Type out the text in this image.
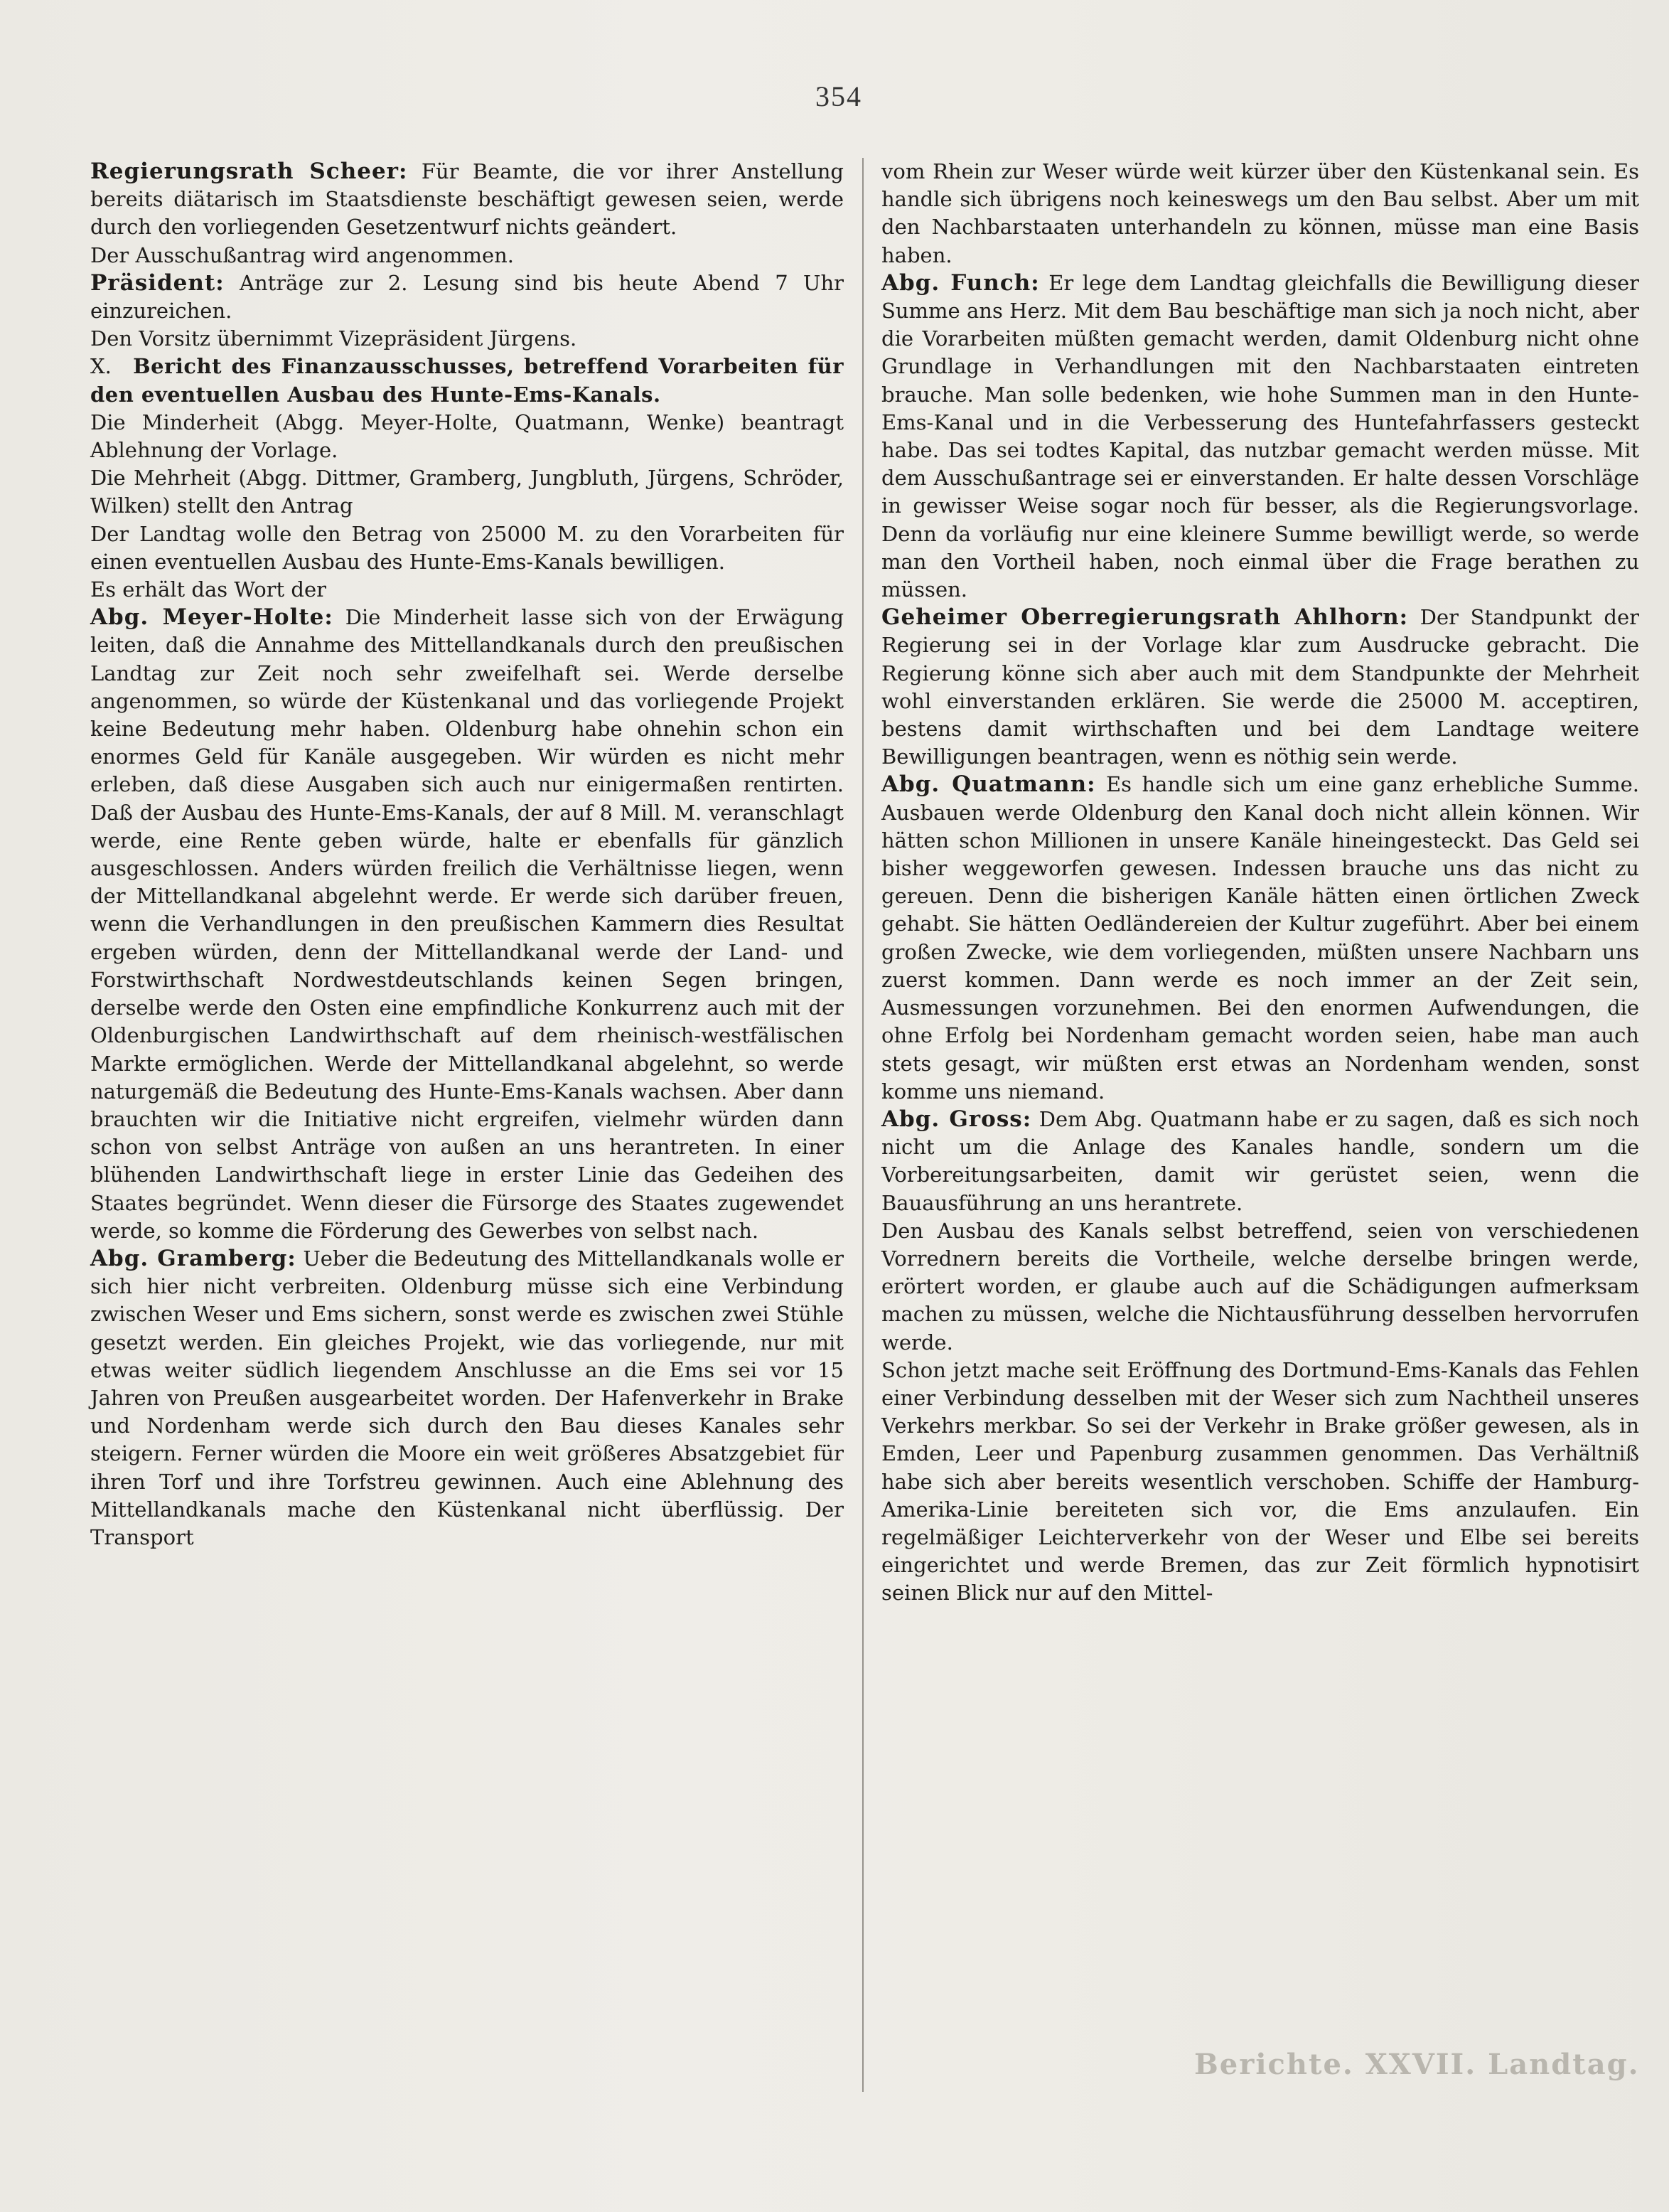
354
Berichte. XXVII. Landtag.

Regierungsrath Scheer: Für Beamte, die vor ihrer Anstellung bereits diätarisch im Staatsdienste beschäftigt gewesen seien, werde durch den vorliegenden Gesetzentwurf nichts geändert.

Der Ausschußantrag wird angenommen.

Präsident: Anträge zur 2. Lesung sind bis heute Abend 7 Uhr einzureichen.

Den Vorsitz übernimmt Vizepräsident Jürgens.

X. Bericht des Finanzausschusses, betreffend Vorarbeiten für den eventuellen Ausbau des Hunte-Ems-Kanals.

Die Minderheit (Abgg. Meyer-Holte, Quatmann, Wenke) beantragt Ablehnung der Vorlage.

Die Mehrheit (Abgg. Dittmer, Gramberg, Jungbluth, Jürgens, Schröder, Wilken) stellt den Antrag

Der Landtag wolle den Betrag von 25000 M. zu den Vorarbeiten für einen eventuellen Ausbau des Hunte-Ems-Kanals bewilligen.

Es erhält das Wort der

Abg. Meyer-Holte: Die Minderheit lasse sich von der Erwägung leiten, daß die Annahme des Mittellandkanals durch den preußischen Landtag zur Zeit noch sehr zweifelhaft sei. Werde derselbe angenommen, so würde der Küstenkanal und das vorliegende Projekt keine Bedeutung mehr haben. Oldenburg habe ohnehin schon ein enormes Geld für Kanäle ausgegeben. Wir würden es nicht mehr erleben, daß diese Ausgaben sich auch nur einigermaßen rentirten. Daß der Ausbau des Hunte-Ems-Kanals, der auf 8 Mill. M. veranschlagt werde, eine Rente geben würde, halte er ebenfalls für gänzlich ausgeschlossen. Anders würden freilich die Verhältnisse liegen, wenn der Mittellandkanal abgelehnt werde. Er werde sich darüber freuen, wenn die Verhandlungen in den preußischen Kammern dies Resultat ergeben würden, denn der Mittellandkanal werde der Land- und Forstwirthschaft Nordwestdeutschlands keinen Segen bringen, derselbe werde den Osten eine empfindliche Konkurrenz auch mit der Oldenburgischen Landwirthschaft auf dem rheinisch-westfälischen Markte ermöglichen. Werde der Mittellandkanal abgelehnt, so werde naturgemäß die Bedeutung des Hunte-Ems-Kanals wachsen. Aber dann brauchten wir die Initiative nicht ergreifen, vielmehr würden dann schon von selbst Anträge von außen an uns herantreten. In einer blühenden Landwirthschaft liege in erster Linie das Gedeihen des Staates begründet. Wenn dieser die Fürsorge des Staates zugewendet werde, so komme die Förderung des Gewerbes von selbst nach.

Abg. Gramberg: Ueber die Bedeutung des Mittellandkanals wolle er sich hier nicht verbreiten. Oldenburg müsse sich eine Verbindung zwischen Weser und Ems sichern, sonst werde es zwischen zwei Stühle gesetzt werden. Ein gleiches Projekt, wie das vorliegende, nur mit etwas weiter südlich liegendem Anschlusse an die Ems sei vor 15 Jahren von Preußen ausgearbeitet worden. Der Hafenverkehr in Brake und Nordenham werde sich durch den Bau dieses Kanales sehr steigern. Ferner würden die Moore ein weit größeres Absatzgebiet für ihren Torf und ihre Torfstreu gewinnen. Auch eine Ablehnung des Mittellandkanals mache den Küstenkanal nicht überflüssig. Der Transport

vom Rhein zur Weser würde weit kürzer über den Küstenkanal sein. Es handle sich übrigens noch keineswegs um den Bau selbst. Aber um mit den Nachbarstaaten unterhandeln zu können, müsse man eine Basis haben.

Abg. Funch: Er lege dem Landtag gleichfalls die Bewilligung dieser Summe ans Herz. Mit dem Bau beschäftige man sich ja noch nicht, aber die Vorarbeiten müßten gemacht werden, damit Oldenburg nicht ohne Grundlage in Verhandlungen mit den Nachbarstaaten eintreten brauche. Man solle bedenken, wie hohe Summen man in den Hunte-Ems-Kanal und in die Verbesserung des Huntefahrfassers gesteckt habe. Das sei todtes Kapital, das nutzbar gemacht werden müsse. Mit dem Ausschußantrage sei er einverstanden. Er halte dessen Vorschläge in gewisser Weise sogar noch für besser, als die Regierungsvorlage. Denn da vorläufig nur eine kleinere Summe bewilligt werde, so werde man den Vortheil haben, noch einmal über die Frage berathen zu müssen.

Geheimer Oberregierungsrath Ahlhorn: Der Standpunkt der Regierung sei in der Vorlage klar zum Ausdrucke gebracht. Die Regierung könne sich aber auch mit dem Standpunkte der Mehrheit wohl einverstanden erklären. Sie werde die 25000 M. acceptiren, bestens damit wirthschaften und bei dem Landtage weitere Bewilligungen beantragen, wenn es nöthig sein werde.

Abg. Quatmann: Es handle sich um eine ganz erhebliche Summe. Ausbauen werde Oldenburg den Kanal doch nicht allein können. Wir hätten schon Millionen in unsere Kanäle hineingesteckt. Das Geld sei bisher weggeworfen gewesen. Indessen brauche uns das nicht zu gereuen. Denn die bisherigen Kanäle hätten einen örtlichen Zweck gehabt. Sie hätten Oedländereien der Kultur zugeführt. Aber bei einem großen Zwecke, wie dem vorliegenden, müßten unsere Nachbarn uns zuerst kommen. Dann werde es noch immer an der Zeit sein, Ausmessungen vorzunehmen. Bei den enormen Aufwendungen, die ohne Erfolg bei Nordenham gemacht worden seien, habe man auch stets gesagt, wir müßten erst etwas an Nordenham wenden, sonst komme uns niemand.

Abg. Gross: Dem Abg. Quatmann habe er zu sagen, daß es sich noch nicht um die Anlage des Kanales handle, sondern um die Vorbereitungsarbeiten, damit wir gerüstet seien, wenn die Bauausführung an uns herantrete.

Den Ausbau des Kanals selbst betreffend, seien von verschiedenen Vorrednern bereits die Vortheile, welche derselbe bringen werde, erörtert worden, er glaube auch auf die Schädigungen aufmerksam machen zu müssen, welche die Nichtausführung desselben hervorrufen werde.

Schon jetzt mache seit Eröffnung des Dortmund-Ems-Kanals das Fehlen einer Verbindung desselben mit der Weser sich zum Nachtheil unseres Verkehrs merkbar. So sei der Verkehr in Brake größer gewesen, als in Emden, Leer und Papenburg zusammen genommen. Das Verhältniß habe sich aber bereits wesentlich verschoben. Schiffe der Hamburg-Amerika-Linie bereiteten sich vor, die Ems anzulaufen. Ein regelmäßiger Leichterverkehr von der Weser und Elbe sei bereits eingerichtet und werde Bremen, das zur Zeit förmlich hypnotisirt seinen Blick nur auf den Mittel-
